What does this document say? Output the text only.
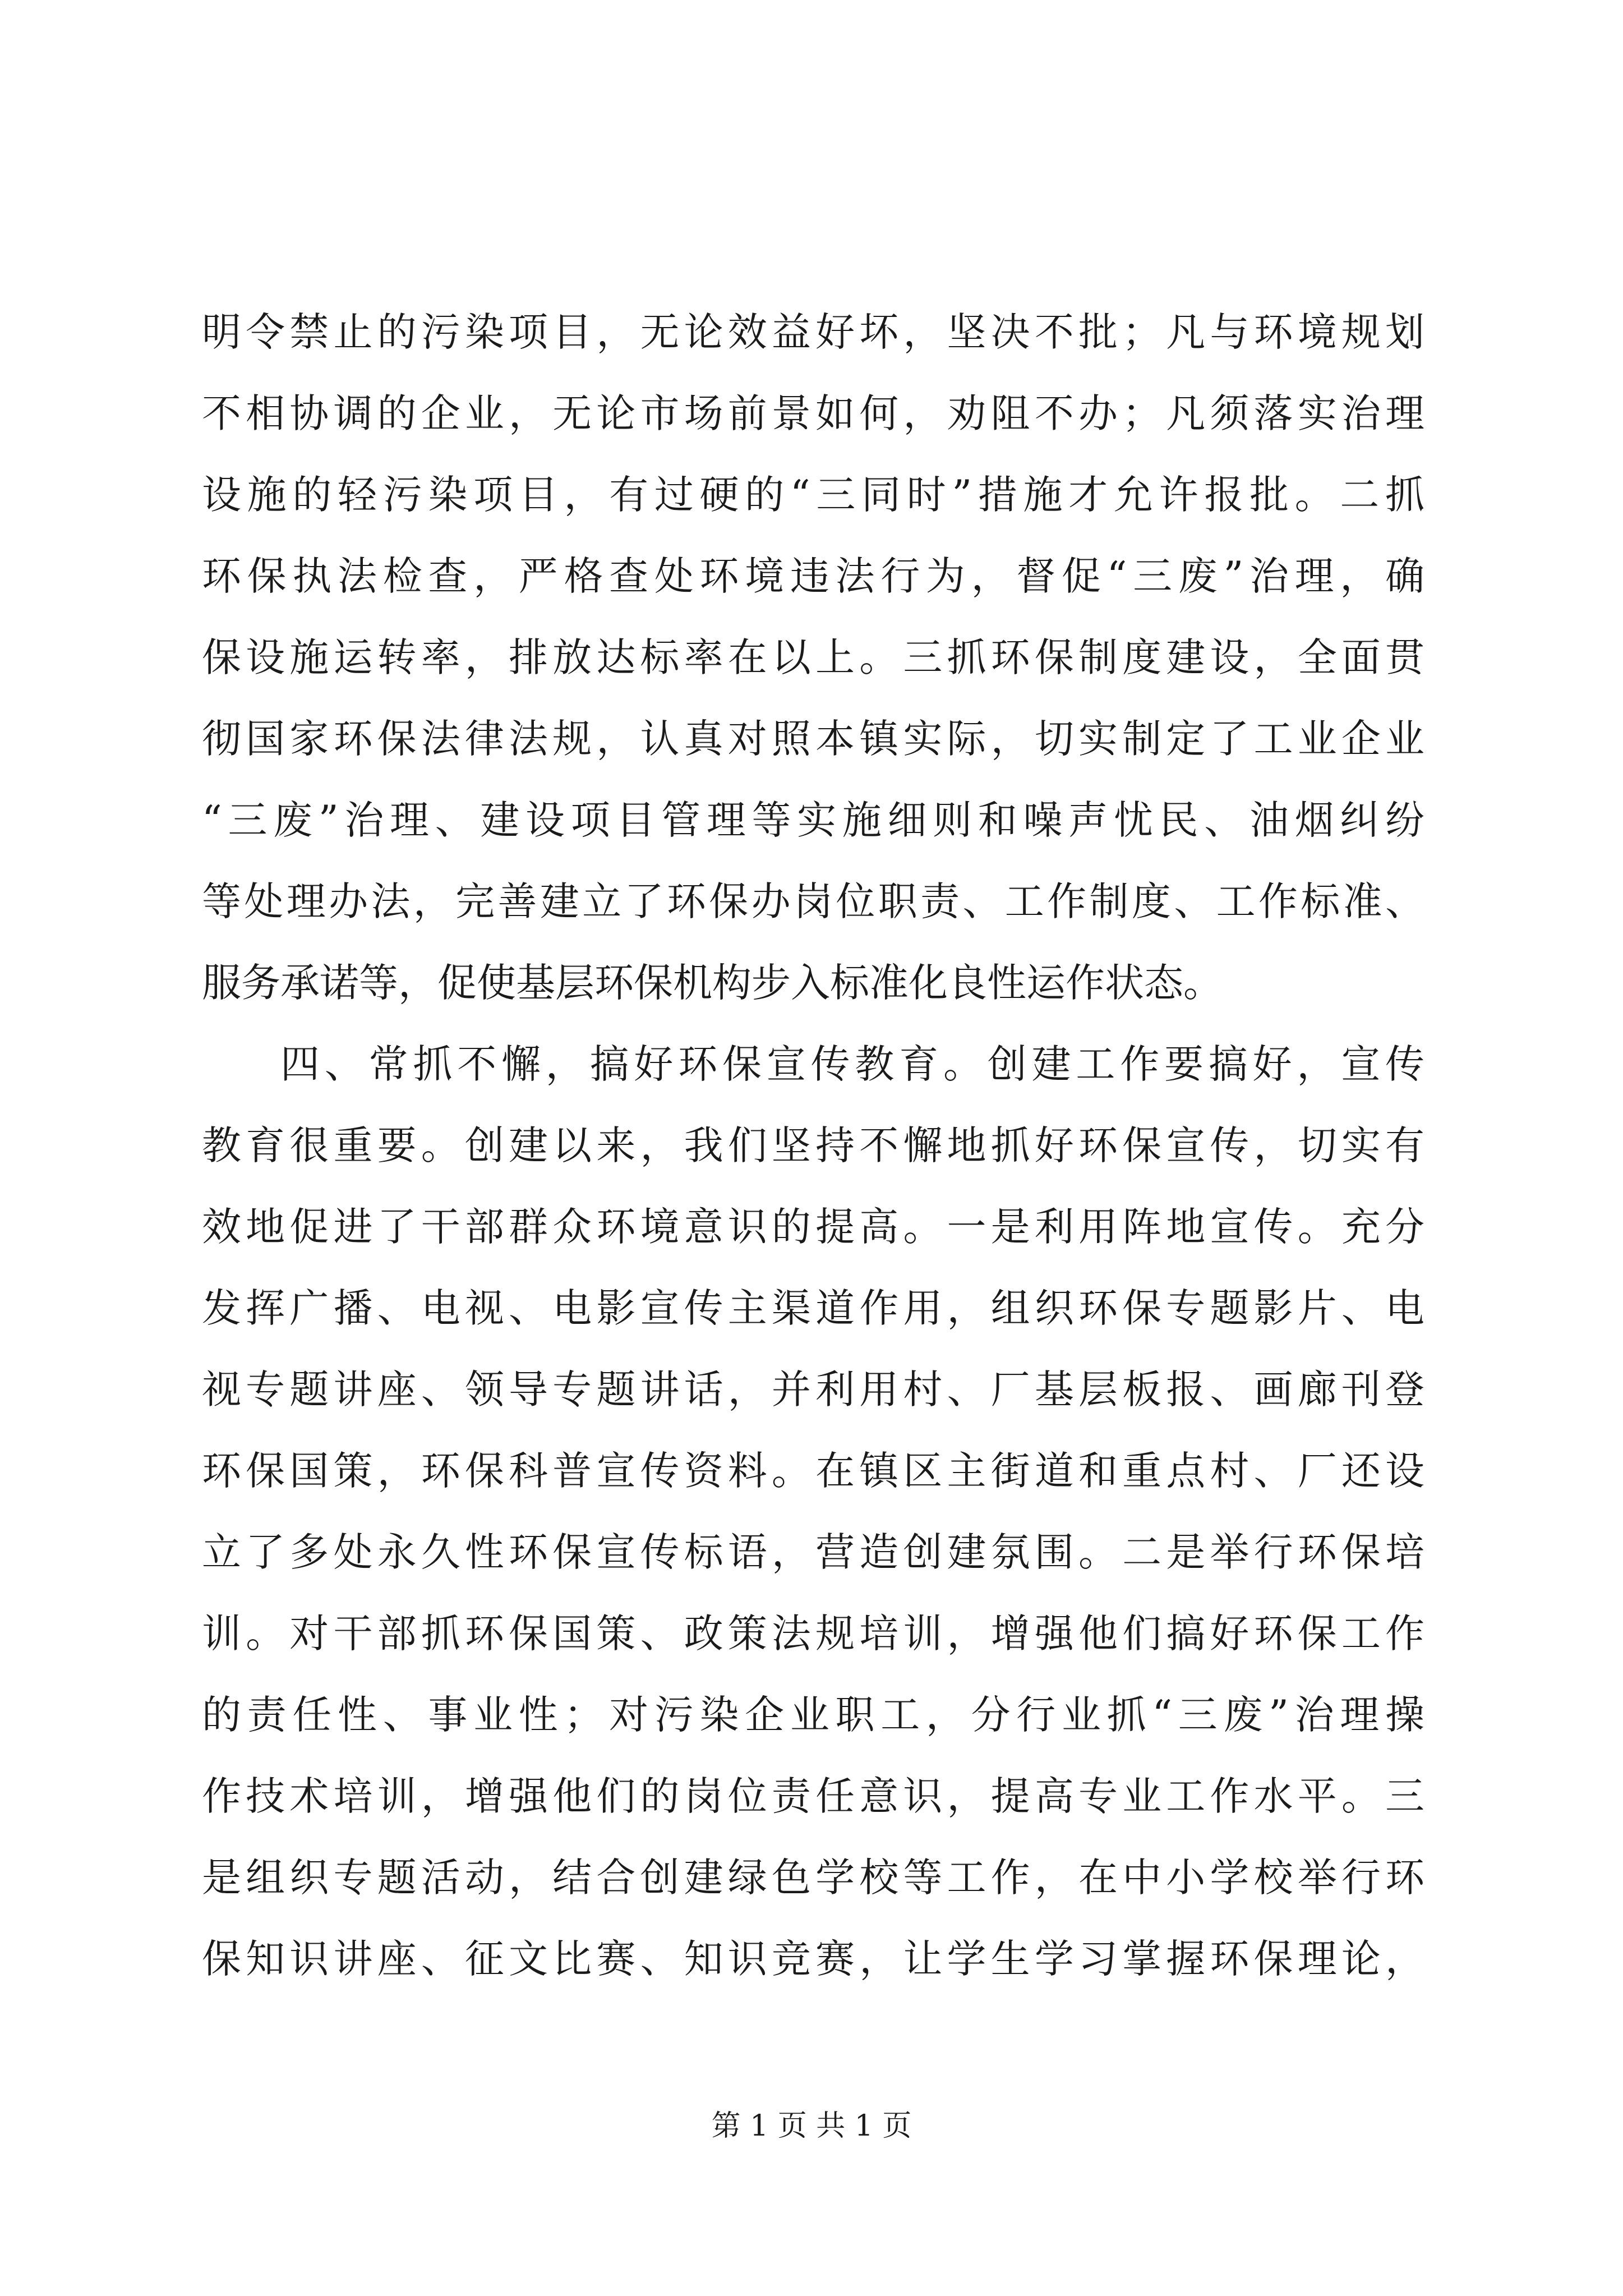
明令禁止的污染项目，无论效益好坏，坚决不批；凡与环境规划
不相协调的企业，无论市场前景如何，劝阻不办；凡须落实治理
设施的轻污染项目，有过硬的“三同时”措施才允许报批。二抓
环保执法检查，严格查处环境违法行为，督促“三废”治理，确
保设施运转率，排放达标率在以上。三抓环保制度建设，全面贯
彻国家环保法律法规，认真对照本镇实际，切实制定了工业企业
“三废”治理、建设项目管理等实施细则和噪声忧民、油烟纠纷
等处理办法，完善建立了环保办岗位职责、工作制度、工作标准、
服务承诺等，促使基层环保机构步入标准化良性运作状态。
四、常抓不懈，搞好环保宣传教育。创建工作要搞好，宣传
教育很重要。创建以来，我们坚持不懈地抓好环保宣传，切实有
效地促进了干部群众环境意识的提高。一是利用阵地宣传。充分
发挥广播、电视、电影宣传主渠道作用，组织环保专题影片、电
视专题讲座、领导专题讲话，并利用村、厂基层板报、画廊刊登
环保国策，环保科普宣传资料。在镇区主街道和重点村、厂还设
立了多处永久性环保宣传标语，营造创建氛围。二是举行环保培
训。对干部抓环保国策、政策法规培训，增强他们搞好环保工作
的责任性、事业性；对污染企业职工，分行业抓“三废”治理操
作技术培训，增强他们的岗位责任意识，提高专业工作水平。三
是组织专题活动，结合创建绿色学校等工作，在中小学校举行环
保知识讲座、征文比赛、知识竞赛，让学生学习掌握环保理论，
第 1 页 共 1 页
